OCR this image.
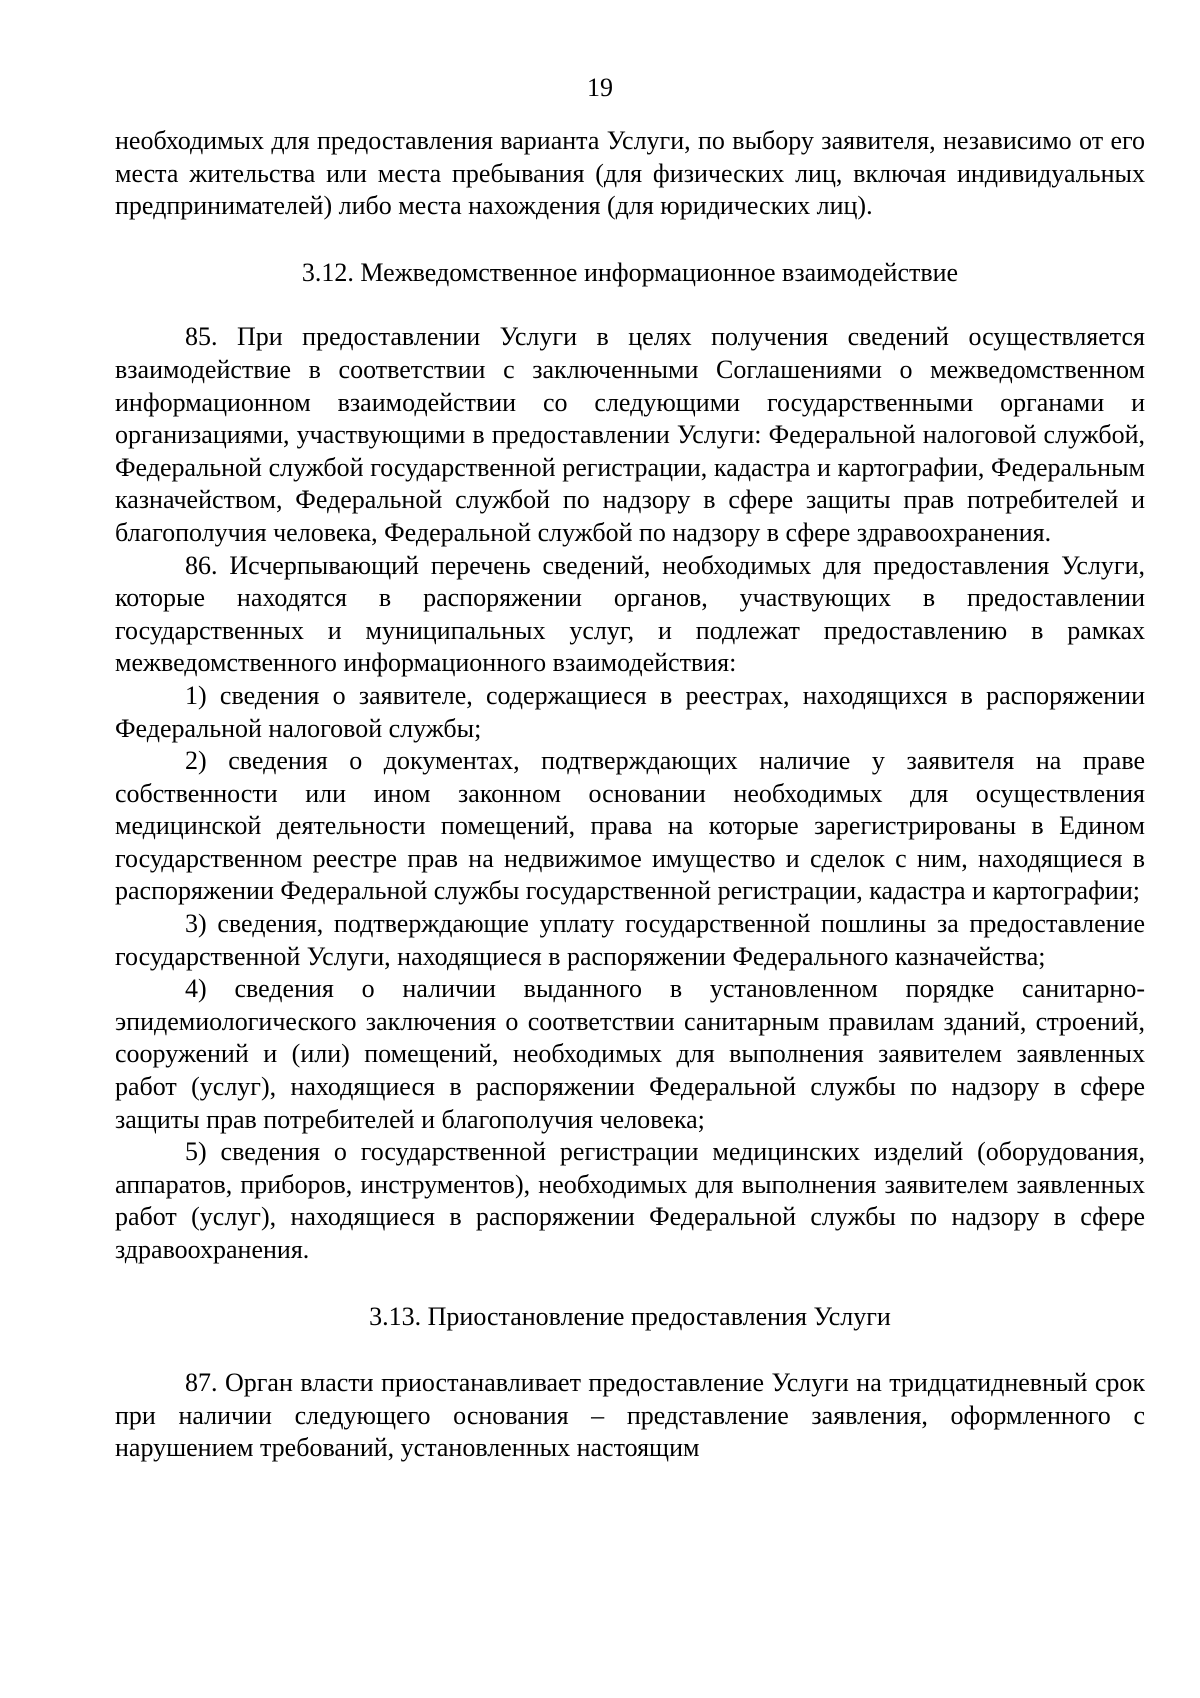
19

необходимых для предоставления варианта Услуги, по выбору заявителя, независимо от его места жительства или места пребывания (для физических лиц, включая индивидуальных предпринимателей) либо места нахождения (для юридических лиц).

3.12. Межведомственное информационное взаимодействие

85. При предоставлении Услуги в целях получения сведений осуществляется взаимодействие в соответствии с заключенными Соглашениями о межведомственном информационном взаимодействии со следующими государственными органами и организациями, участвующими в предоставлении Услуги: Федеральной налоговой службой, Федеральной службой государственной регистрации, кадастра и картографии, Федеральным казначейством, Федеральной службой по надзору в сфере защиты прав потребителей и благополучия человека, Федеральной службой по надзору в сфере здравоохранения.

86. Исчерпывающий перечень сведений, необходимых для предоставления Услуги, которые находятся в распоряжении органов, участвующих в предоставлении государственных и муниципальных услуг, и подлежат предоставлению в рамках межведомственного информационного взаимодействия:

1) сведения о заявителе, содержащиеся в реестрах, находящихся в распоряжении Федеральной налоговой службы;

2) сведения о документах, подтверждающих наличие у заявителя на праве собственности или ином законном основании необходимых для осуществления медицинской деятельности помещений, права на которые зарегистрированы в Едином государственном реестре прав на недвижимое имущество и сделок с ним, находящиеся в распоряжении Федеральной службы государственной регистрации, кадастра и картографии;

3) сведения, подтверждающие уплату государственной пошлины за предоставление государственной Услуги, находящиеся в распоряжении Федерального казначейства;

4) сведения о наличии выданного в установленном порядке санитарно-эпидемиологического заключения о соответствии санитарным правилам зданий, строений, сооружений и (или) помещений, необходимых для выполнения заявителем заявленных работ (услуг), находящиеся в распоряжении Федеральной службы по надзору в сфере защиты прав потребителей и благополучия человека;

5) сведения о государственной регистрации медицинских изделий (оборудования, аппаратов, приборов, инструментов), необходимых для выполнения заявителем заявленных работ (услуг), находящиеся в распоряжении Федеральной службы по надзору в сфере здравоохранения.

3.13. Приостановление предоставления Услуги

87. Орган власти приостанавливает предоставление Услуги на тридцатидневный срок при наличии следующего основания – представление заявления, оформленного с нарушением требований, установленных настоящим
